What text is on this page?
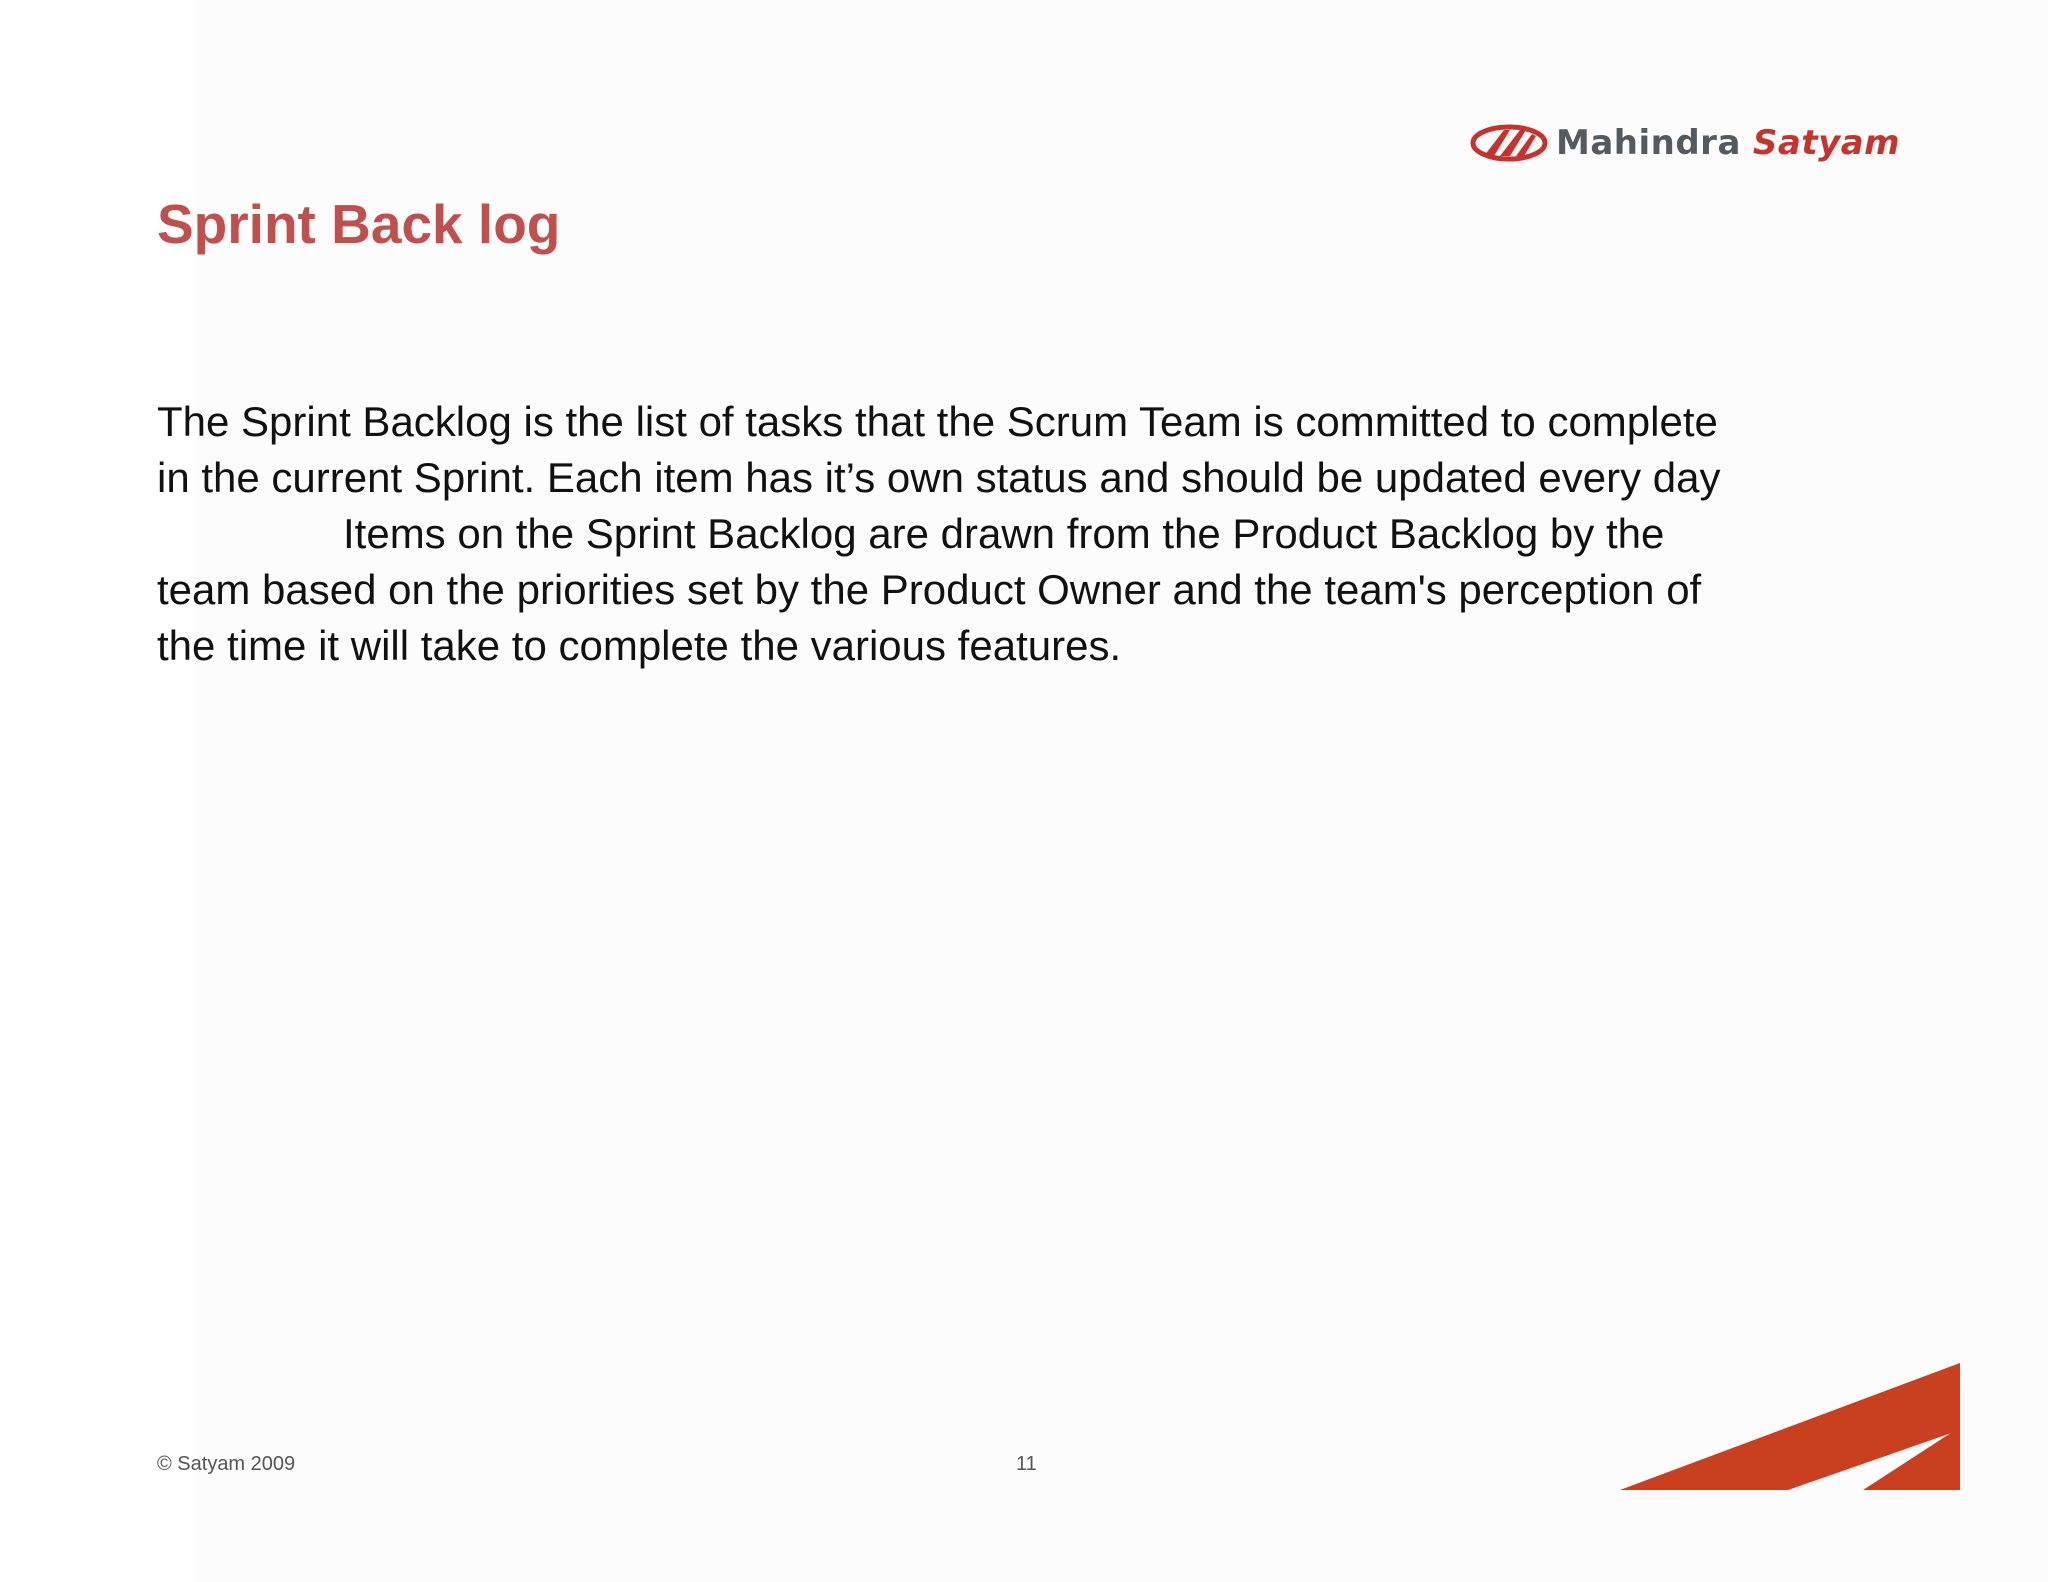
Mahindra Satyam
Sprint Back log

The Sprint Backlog is the list of tasks that the Scrum Team is committed to complete
in the current Sprint. Each item has it’s own status and should be updated every day
Items on the Sprint Backlog are drawn from the Product Backlog by the
team based on the priorities set by the Product Owner and the team's perception of
the time it will take to complete the various features.

© Satyam 2009	11
